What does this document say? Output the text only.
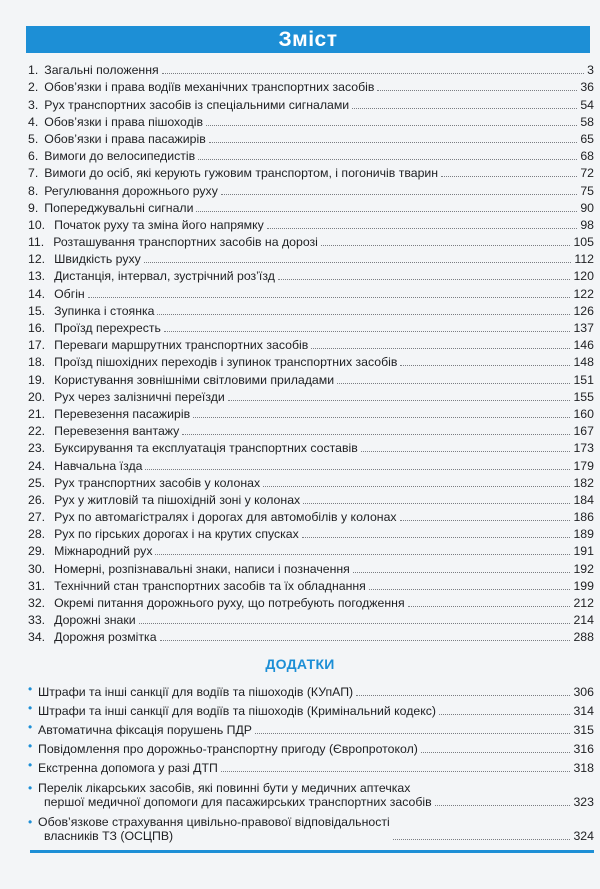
Зміст
1. Загальні положення	3
2. Обов’язки і права водіїв механічних транспортних засобів	36
3. Рух транспортних засобів із спеціальними сигналами	54
4. Обов’язки і права пішоходів	58
5. Обов’язки і права пасажирів	65
6. Вимоги до велосипедистів	68
7. Вимоги до осіб, які керують гужовим транспортом, і погоничів тварин	72
8. Регулювання дорожнього руху	75
9. Попереджувальні сигнали	90
10. Початок руху та зміна його напрямку	98
11. Розташування транспортних засобів на дорозі	105
12. Швидкість руху	112
13. Дистанція, інтервал, зустрічний роз’їзд	120
14. Обгін	122
15. Зупинка і стоянка	126
16. Проїзд перехресть	137
17. Переваги маршрутних транспортних засобів	146
18. Проїзд пішохідних переходів і зупинок транспортних засобів	148
19. Користування зовнішніми світловими приладами	151
20. Рух через залізничні переїзди	155
21. Перевезення пасажирів	160
22. Перевезення вантажу	167
23. Буксирування та експлуатація транспортних составів	173
24. Навчальна їзда	179
25. Рух транспортних засобів у колонах	182
26. Рух у житловій та пішохідній зоні у колонах	184
27. Рух по автомагістралях і дорогах для автомобілів у колонах	186
28. Рух по гірських дорогах і на крутих спусках	189
29. Міжнародний рух	191
30. Номерні, розпізнавальні знаки, написи і позначення	192
31. Технічний стан транспортних засобів та їх обладнання	199
32. Окремі питання дорожнього руху, що потребують погодження	212
33. Дорожні знаки	214
34. Дорожня розмітка	288
ДОДАТКИ
• Штрафи та інші санкції для водіїв та пішоходів (КУпАП)	306
• Штрафи та інші санкції для водіїв та пішоходів (Кримінальний кодекс)	314
• Автоматична фіксація порушень ПДР	315
• Повідомлення про дорожньо-транспортну пригоду (Європротокол)	316
• Екстренна допомога у разі ДТП	318
• Перелік лікарських засобів, які повинні бути у медичних аптечках
першої медичної допомоги для пасажирських транспортних засобів	323
• Обов’язкове страхування цивільно-правової відповідальності
власників ТЗ (ОСЦПВ)	324
